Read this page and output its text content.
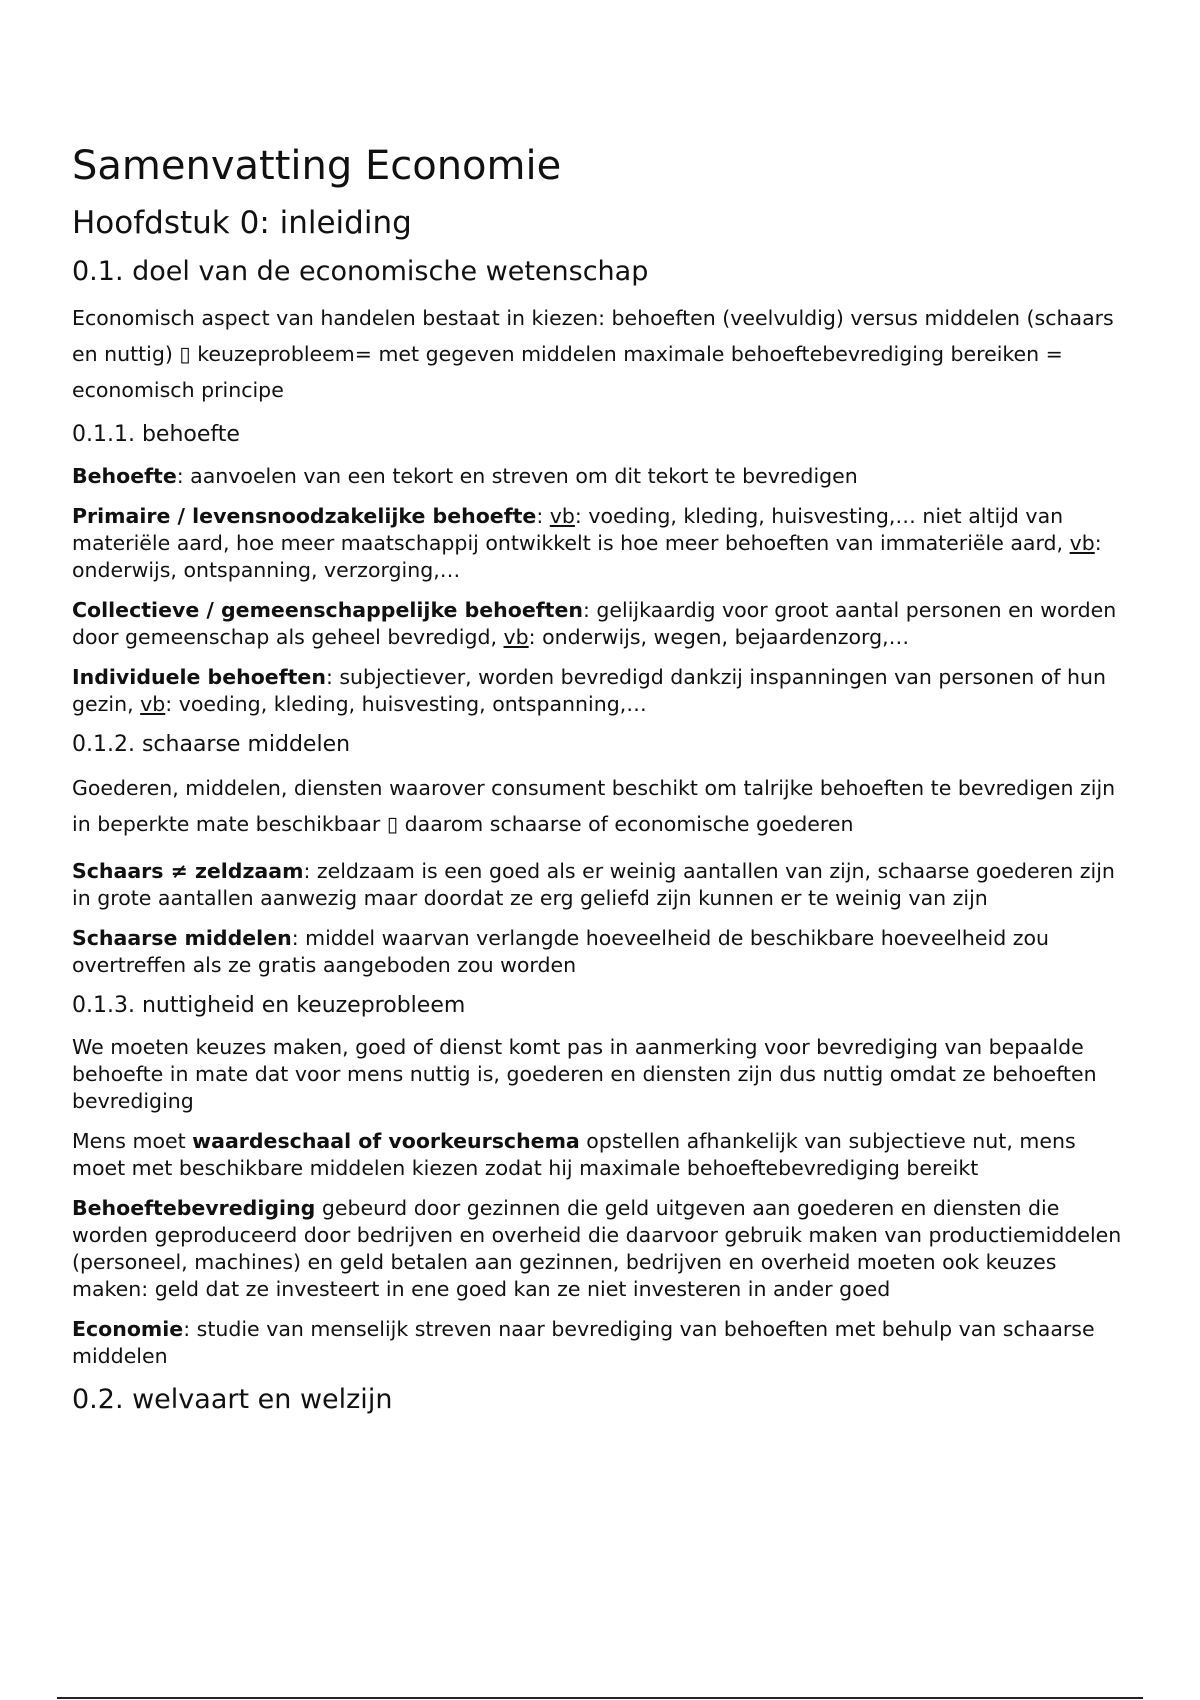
Samenvatting Economie
Hoofdstuk 0: inleiding
0.1. doel van de economische wetenschap

Economisch aspect van handelen bestaat in kiezen: behoeften (veelvuldig) versus middelen (schaars en nuttig) ▯ keuzeprobleem= met gegeven middelen maximale behoeftebevrediging bereiken = economisch principe

0.1.1. behoefte

Behoefte: aanvoelen van een tekort en streven om dit tekort te bevredigen

Primaire / levensnoodzakelijke behoefte: vb: voeding, kleding, huisvesting,… niet altijd van materiële aard, hoe meer maatschappij ontwikkelt is hoe meer behoeften van immateriële aard, vb: onderwijs, ontspanning, verzorging,…

Collectieve / gemeenschappelijke behoeften: gelijkaardig voor groot aantal personen en worden door gemeenschap als geheel bevredigd, vb: onderwijs, wegen, bejaardenzorg,…

Individuele behoeften: subjectiever, worden bevredigd dankzij inspanningen van personen of hun gezin, vb: voeding, kleding, huisvesting, ontspanning,…

0.1.2. schaarse middelen

Goederen, middelen, diensten waarover consument beschikt om talrijke behoeften te bevredigen zijn in beperkte mate beschikbaar ▯ daarom schaarse of economische goederen

Schaars ≠ zeldzaam: zeldzaam is een goed als er weinig aantallen van zijn, schaarse goederen zijn in grote aantallen aanwezig maar doordat ze erg geliefd zijn kunnen er te weinig van zijn

Schaarse middelen: middel waarvan verlangde hoeveelheid de beschikbare hoeveelheid zou overtreffen als ze gratis aangeboden zou worden

0.1.3. nuttigheid en keuzeprobleem

We moeten keuzes maken, goed of dienst komt pas in aanmerking voor bevrediging van bepaalde behoefte in mate dat voor mens nuttig is, goederen en diensten zijn dus nuttig omdat ze behoeften bevrediging

Mens moet waardeschaal of voorkeurschema opstellen afhankelijk van subjectieve nut, mens moet met beschikbare middelen kiezen zodat hij maximale behoeftebevrediging bereikt

Behoeftebevrediging gebeurd door gezinnen die geld uitgeven aan goederen en diensten die worden geproduceerd door bedrijven en overheid die daarvoor gebruik maken van productiemiddelen (personeel, machines) en geld betalen aan gezinnen, bedrijven en overheid moeten ook keuzes maken: geld dat ze investeert in ene goed kan ze niet investeren in ander goed

Economie: studie van menselijk streven naar bevrediging van behoeften met behulp van schaarse middelen

0.2. welvaart en welzijn
